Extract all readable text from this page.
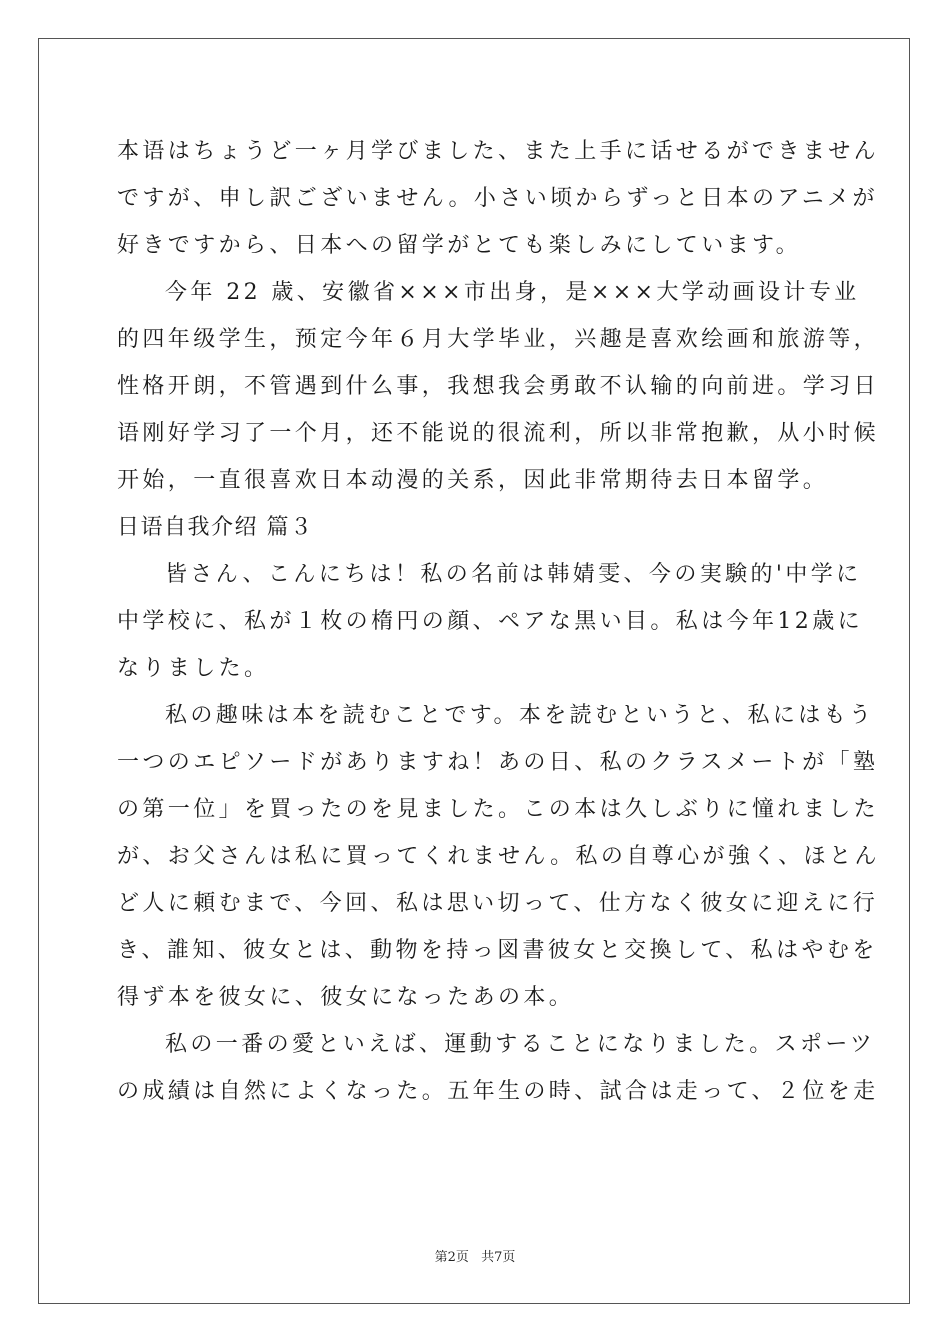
本语はちょうど一ヶ月学びました、また上手に话せるができません
ですが、申し訳ございません。小さい顷からずっと日本のアニメが
好きですから、日本への留学がとても楽しみにしています。
今年 22 歳、安徽省×××市出身，是×××大学动画设计专业
的四年级学生，预定今年６月大学毕业，兴趣是喜欢绘画和旅游等，
性格开朗，不管遇到什么事，我想我会勇敢不认输的向前进。学习日
语刚好学习了一个月，还不能说的很流利，所以非常抱歉，从小时候
开始，一直很喜欢日本动漫的关系，因此非常期待去日本留学。
日语自我介绍 篇３
皆さん、こんにちは！私の名前は韩婧雯、今の実験的'中学に
中学校に、私が１枚の楕円の顔、ペアな黒い目。私は今年12歳に
なりました。
私の趣味は本を読むことです。本を読むというと、私にはもう
一つのエピソードがありますね！あの日、私のクラスメートが「塾
の第一位」を買ったのを見ました。この本は久しぶりに憧れました
が、お父さんは私に買ってくれません。私の自尊心が強く、ほとん
ど人に頼むまで、今回、私は思い切って、仕方なく彼女に迎えに行
き、誰知、彼女とは、動物を持っ図書彼女と交換して、私はやむを
得ず本を彼女に、彼女になったあの本。
私の一番の愛といえば、運動することになりました。スポーツ
の成績は自然によくなった。五年生の時、試合は走って、２位を走
第2页 共7页
